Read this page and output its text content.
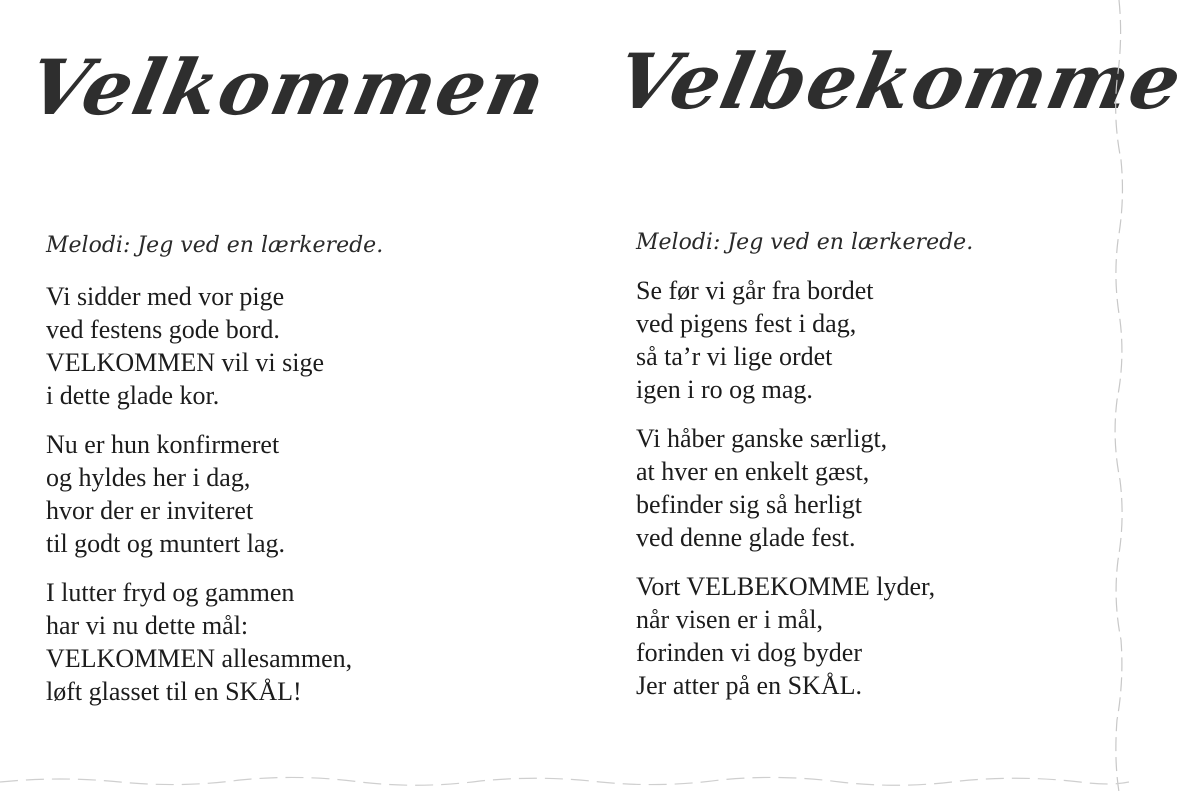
Velkommen
Melodi: Jeg ved en lærkerede.
Vi sidder med vor pige
ved festens gode bord.
VELKOMMEN vil vi sige
i dette glade kor.
Nu er hun konfirmeret
og hyldes her i dag,
hvor der er inviteret
til godt og muntert lag.
I lutter fryd og gammen
har vi nu dette mål:
VELKOMMEN allesammen,
løft glasset til en SKÅL!
Velbekomme
Melodi: Jeg ved en lærkerede.
Se før vi går fra bordet
ved pigens fest i dag,
så ta’r vi lige ordet
igen i ro og mag.
Vi håber ganske særligt,
at hver en enkelt gæst,
befinder sig så herligt
ved denne glade fest.
Vort VELBEKOMME lyder,
når visen er i mål,
forinden vi dog byder
Jer atter på en SKÅL.
